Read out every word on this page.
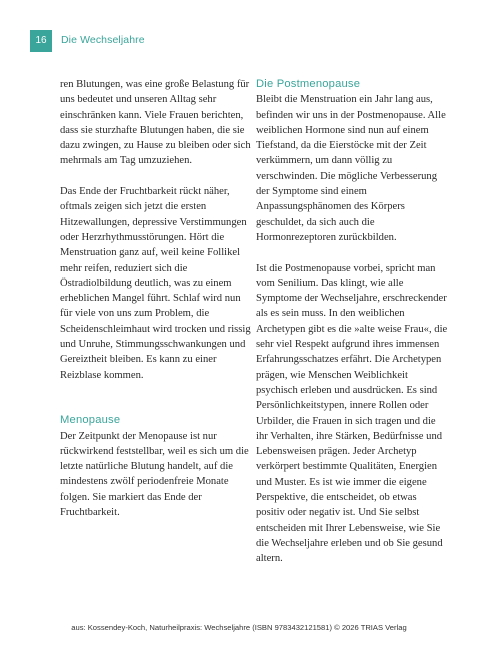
16	Die Wechseljahre

ren Blutungen, was eine große Belastung für uns bedeutet und unseren Alltag sehr einschränken kann. Viele Frauen berichten, dass sie sturzhafte Blutungen haben, die sie dazu zwingen, zu Hause zu bleiben oder sich mehrmals am Tag umzuziehen.

Das Ende der Fruchtbarkeit rückt näher, oftmals zeigen sich jetzt die ersten Hitzewallungen, depressive Verstimmungen oder Herzrhythmusstörungen. Hört die Menstruation ganz auf, weil keine Follikel mehr reifen, reduziert sich die Östradiolbildung deutlich, was zu einem erheblichen Mangel führt. Schlaf wird nun für viele von uns zum Problem, die Scheidenschleimhaut wird trocken und rissig und Unruhe, Stimmungsschwankungen und Gereiztheit bleiben. Es kann zu einer Reizblase kommen.

Menopause

Der Zeitpunkt der Menopause ist nur rückwirkend feststellbar, weil es sich um die letzte natürliche Blutung handelt, auf die mindestens zwölf periodenfreie Monate folgen. Sie markiert das Ende der Fruchtbarkeit.

Die Postmenopause

Bleibt die Menstruation ein Jahr lang aus, befinden wir uns in der Postmenopause. Alle weiblichen Hormone sind nun auf einem Tiefstand, da die Eierstöcke mit der Zeit verkümmern, um dann völlig zu verschwinden. Die mögliche Verbesserung der Symptome sind einem Anpassungsphänomen des Körpers geschuldet, da sich auch die Hormonrezeptoren zurückbilden.

Ist die Postmenopause vorbei, spricht man vom Senilium. Das klingt, wie alle Symptome der Wechseljahre, erschreckender als es sein muss. In den weiblichen Archetypen gibt es die »alte weise Frau«, die sehr viel Respekt aufgrund ihres immensen Erfahrungsschatzes erfährt. Die Archetypen prägen, wie Menschen Weiblichkeit psychisch erleben und ausdrücken. Es sind Persönlichkeitstypen, innere Rollen oder Urbilder, die Frauen in sich tragen und die ihr Verhalten, ihre Stärken, Bedürfnisse und Lebensweisen prägen. Jeder Archetyp verkörpert bestimmte Qualitäten, Energien und Muster. Es ist wie immer die eigene Perspektive, die entscheidet, ob etwas positiv oder negativ ist. Und Sie selbst entscheiden mit Ihrer Lebensweise, wie Sie die Wechseljahre erleben und ob Sie gesund altern.

aus: Kossendey-Koch, Naturheilpraxis: Wechseljahre (ISBN 9783432121581) © 2026 TRIAS Verlag
